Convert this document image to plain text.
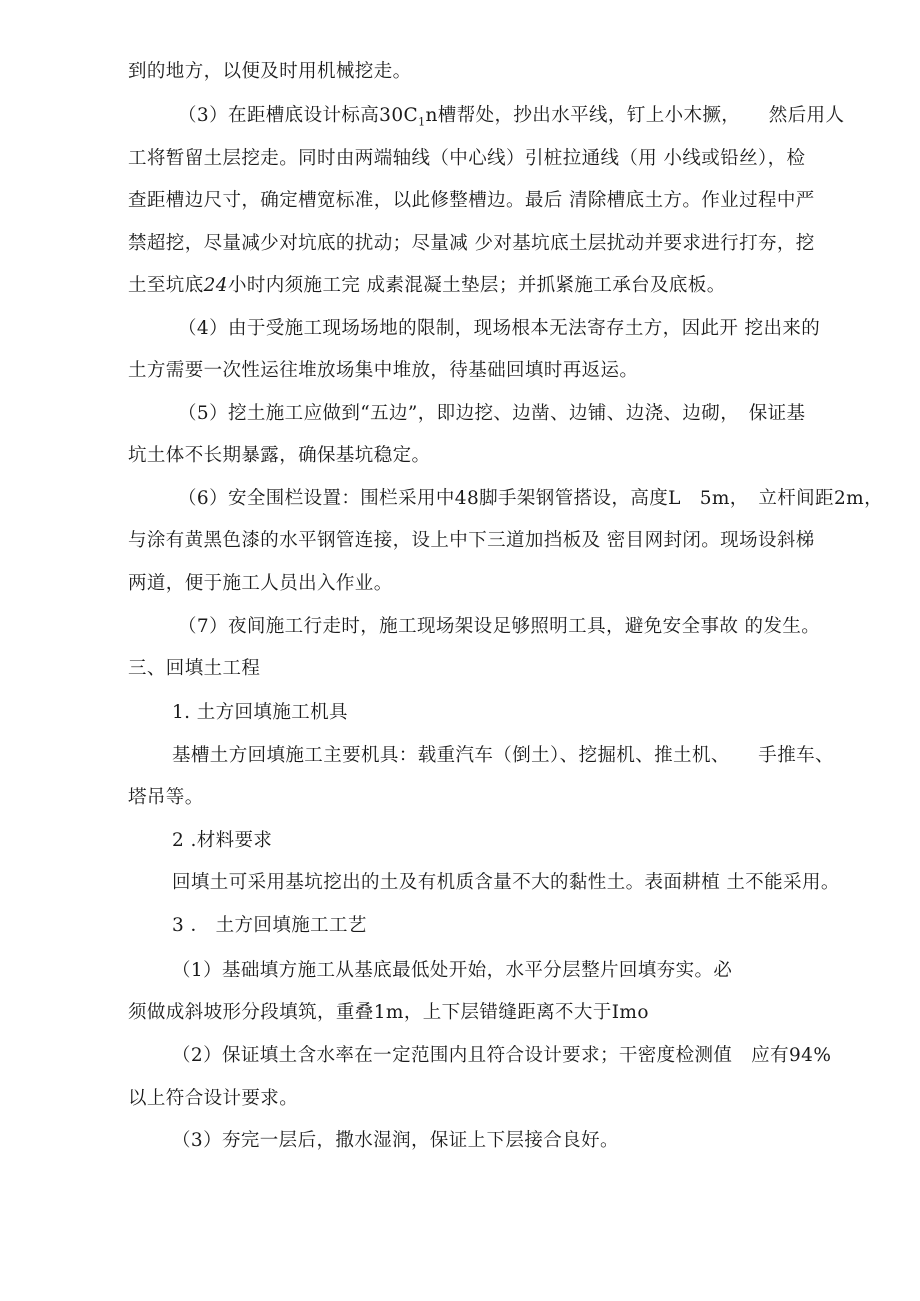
到的地方，以便及时用机械挖走。
（3）在距槽底设计标高$30C_1n$槽帮处，抄出水平线，钉上小木撅，　　然后用人
工将暂留土层挖走。同时由两端轴线（中心线）引桩拉通线（用 小线或铅丝），检
查距槽边尺寸，确定槽宽标准，以此修整槽边。最后 清除槽底土方。作业过程中严
禁超挖，尽量减少对坑底的扰动；尽量减 少对基坑底土层扰动并要求进行打夯，挖
土至坑底24小时内须施工完 成素混凝土垫层；并抓紧施工承台及底板。
（4）由于受施工现场场地的限制，现场根本无法寄存土方，因此开 挖出来的
土方需要一次性运往堆放场集中堆放，待基础回填时再返运。
（5）挖土施工应做到“五边”，即边挖、边凿、边铺、边浇、边砌，　保证基
坑土体不长期暴露，确保基坑稳定。
（6）安全围栏设置：围栏采用中48脚手架钢管搭设，高度L　5m，　立杆间距2m，
与涂有黄黑色漆的水平钢管连接，设上中下三道加挡板及 密目网封闭。现场设斜梯
两道，便于施工人员出入作业。
（7）夜间施工行走时，施工现场架设足够照明工具，避免安全事故 的发生。
三、回填土工程
1. 土方回填施工机具
基槽土方回填施工主要机具：载重汽车（倒土）、挖掘机、推土机、　　手推车、
塔吊等。
2 .材料要求
回填土可采用基坑挖出的土及有机质含量不大的黏性土。表面耕植 土不能采用。
3 ． 土方回填施工工艺
（1）基础填方施工从基底最低处开始，水平分层整片回填夯实。必
须做成斜坡形分段填筑，重叠1m，上下层错缝距离不大于Imo
（2）保证填土含水率在一定范围内且符合设计要求；干密度检测值　应有94%
以上符合设计要求。
（3）夯完一层后，撒水湿润，保证上下层接合良好。
